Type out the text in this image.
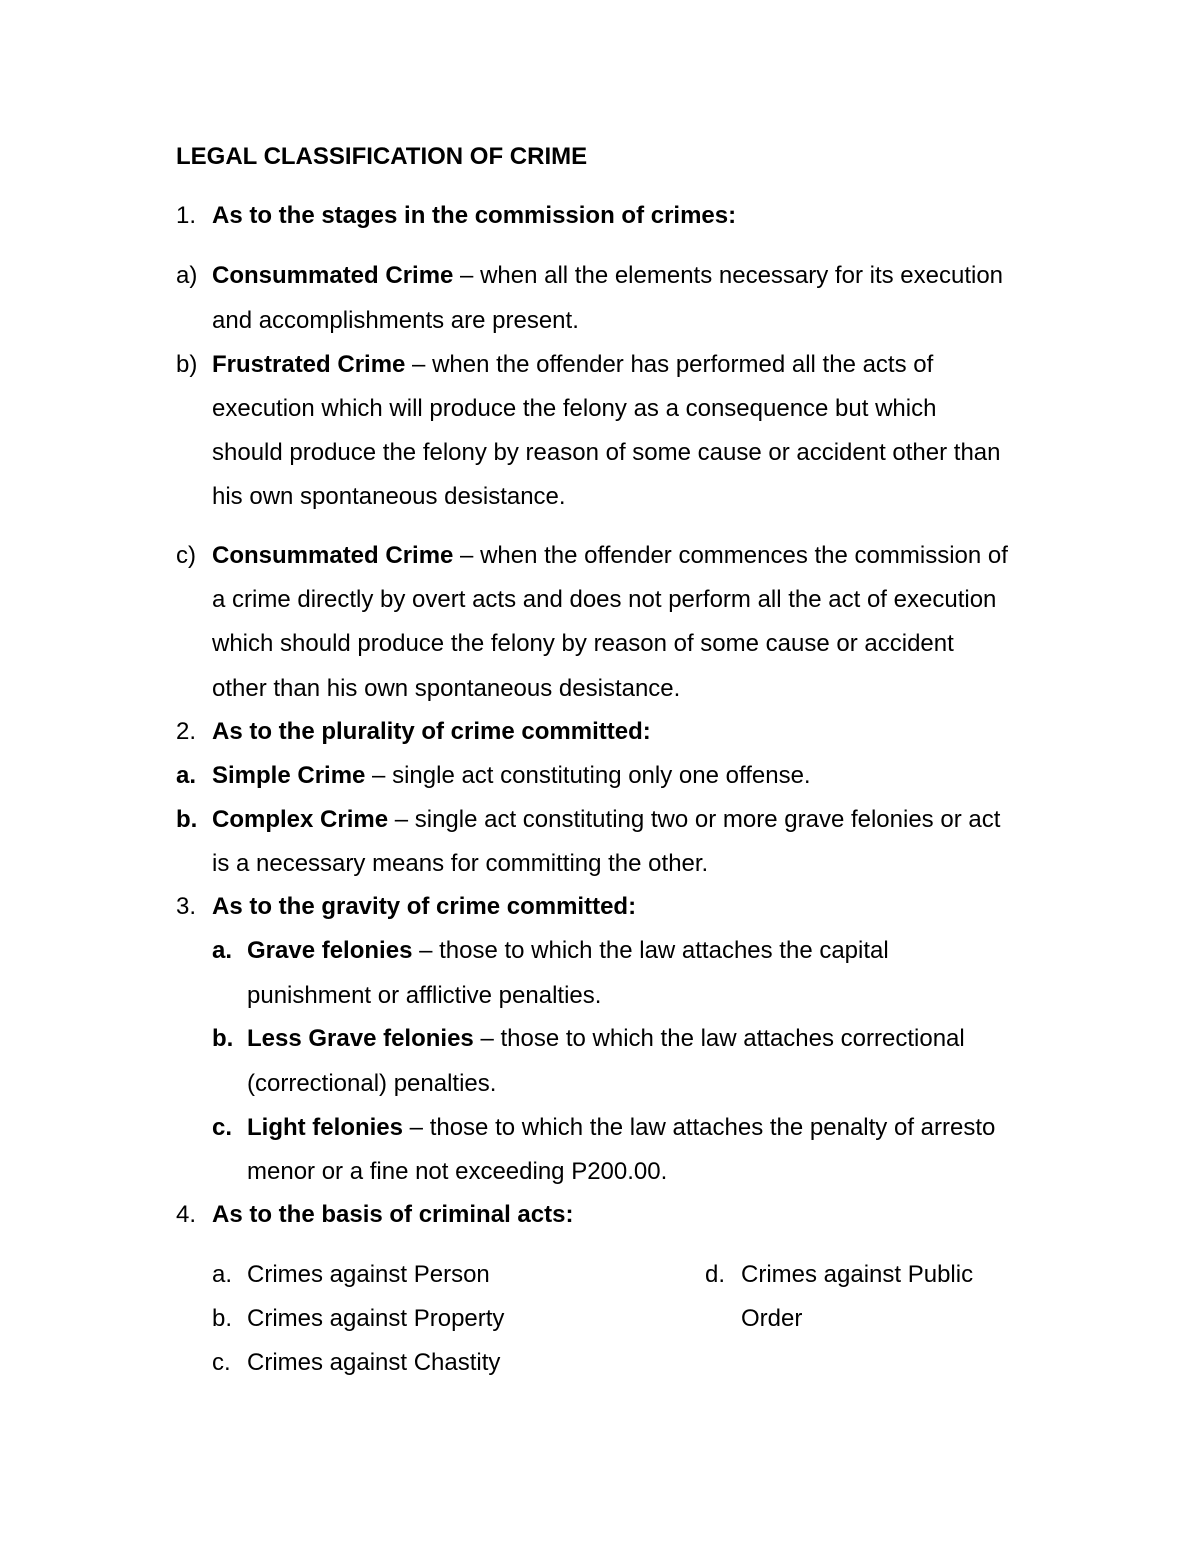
LEGAL CLASSIFICATION OF CRIME
1. As to the stages in the commission of crimes:
a) Consummated Crime – when all the elements necessary for its execution
and accomplishments are present.
b) Frustrated Crime – when the offender has performed all the acts of
execution which will produce the felony as a consequence but which
should produce the felony by reason of some cause or accident other than
his own spontaneous desistance.
c) Consummated Crime – when the offender commences the commission of
a crime directly by overt acts and does not perform all the act of execution
which should produce the felony by reason of some cause or accident
other than his own spontaneous desistance.
2. As to the plurality of crime committed:
a. Simple Crime – single act constituting only one offense.
b. Complex Crime – single act constituting two or more grave felonies or act
is a necessary means for committing the other.
3. As to the gravity of crime committed:
a. Grave felonies – those to which the law attaches the capital
punishment or afflictive penalties.
b. Less Grave felonies – those to which the law attaches correctional
(correctional) penalties.
c. Light felonies – those to which the law attaches the penalty of arresto
menor or a fine not exceeding P200.00.
4. As to the basis of criminal acts:
a. Crimes against Person
b. Crimes against Property
c. Crimes against Chastity
d. Crimes against Public
Order
